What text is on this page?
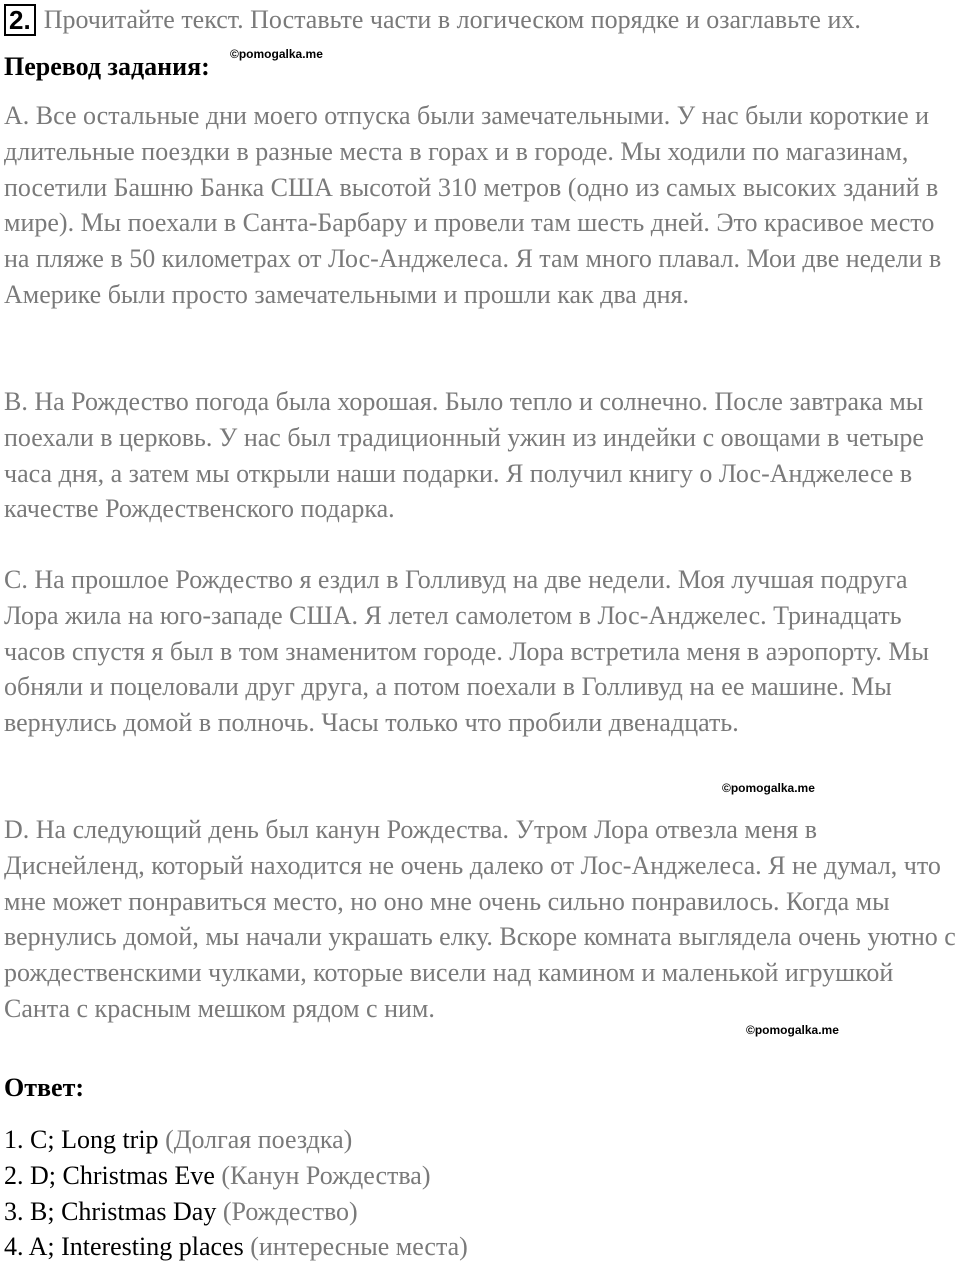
2. Прочитайте текст. Поставьте части в логическом порядке и озаглавьте их.
©pomogalka.me
Перевод задания:

A. Все остальные дни моего отпуска были замечательными. У нас были короткие и длительные поездки в разные места в горах и в городе. Мы ходили по магазинам, посетили Башню Банка США высотой 310 метров (одно из самых высоких зданий в мире). Мы поехали в Санта-Барбару и провели там шесть дней. Это красивое место на пляже в 50 километрах от Лос-Анджелеса. Я там много плавал. Мои две недели в Америке были просто замечательными и прошли как два дня.

B. На Рождество погода была хорошая. Было тепло и солнечно. После завтрака мы поехали в церковь. У нас был традиционный ужин из индейки с овощами в четыре часа дня, а затем мы открыли наши подарки. Я получил книгу о Лос-Анджелесе в качестве Рождественского подарка.

C. На прошлое Рождество я ездил в Голливуд на две недели. Моя лучшая подруга Лора жила на юго-западе США. Я летел самолетом в Лос-Анджелес. Тринадцать часов спустя я был в том знаменитом городе. Лора встретила меня в аэропорту. Мы обняли и поцеловали друг друга, а потом поехали в Голливуд на ее машине. Мы вернулись домой в полночь. Часы только что пробили двенадцать.

©pomogalka.me

D. На следующий день был канун Рождества. Утром Лора отвезла меня в Диснейленд, который находится не очень далеко от Лос-Анджелеса. Я не думал, что мне может понравиться место, но оно мне очень сильно понравилось. Когда мы вернулись домой, мы начали украшать елку. Вскоре комната выглядела очень уютно с рождественскими чулками, которые висели над камином и маленькой игрушкой Санта с красным мешком рядом с ним.

©pomogalka.me
Ответ:
1. C; Long trip (Долгая поездка)
2. D; Christmas Eve (Канун Рождества)
3. B; Christmas Day (Рождество)
4. A; Interesting places (интересные места)
